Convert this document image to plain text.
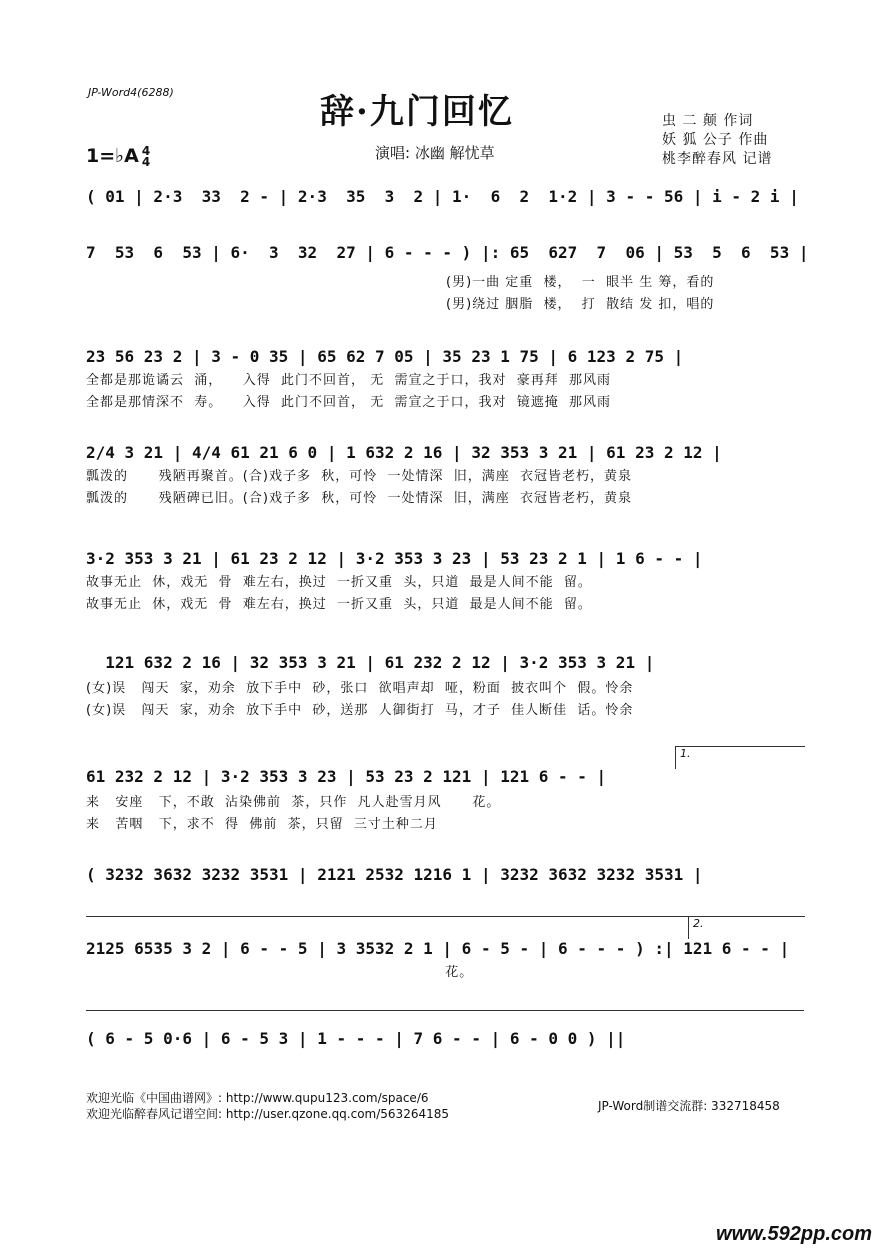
JP-Word4(6288)	辞·九门回忆	虫 二 颠 作词
妖 狐 公子 作曲
桃李醉春风 记谱
1=♭A 4
4	演唱: 冰幽 解忧草
( 01 | 2·3  33  2 - | 2·3  35  3  2 | 1·  6  2  1·2 | 3 - - 56 | i - 2 i |
7  53  6  53 | 6·  3  32  27 | 6 - - - ) |: 65  627  7  06 | 53  5  6  53 |
(男)一曲 定重  楼，  一  眼半 生 筹，看的
(男)绕过 胭脂  楼，  打  散结 发 扣，唱的
23 56 23 2 | 3 - 0 35 | 65 62 7 05 | 35 23 1 75 | 6 123 2 75 |
全都是那诡谲云  涌，    入得  此门不回首， 无  需宣之于口，我对  豪再拜  那风雨
全都是那情深不  寿。    入得  此门不回首， 无  需宣之于口，我对  镜遮掩  那风雨
2/4 3 21 | 4/4 61 21 6 0 | 1 632 2 16 | 32 353 3 21 | 61 23 2 12 |
瓢泼的      残陋再聚首。(合)戏子多  秋，可怜  一处情深  旧，满座  衣冠皆老朽，黄泉
瓢泼的      残陋碑已旧。(合)戏子多  秋，可怜  一处情深  旧，满座  衣冠皆老朽，黄泉
3·2 353 3 21 | 61 23 2 12 | 3·2 353 3 23 | 53 23 2 1 | 1 6 - - |
故事无止  休，戏无  骨  难左右，换过  一折又重  头，只道  最是人间不能  留。
故事无止  休，戏无  骨  难左右，换过  一折又重  头，只道  最是人间不能  留。
121 632 2 16 | 32 353 3 21 | 61 232 2 12 | 3·2 353 3 21 |
(女)误   闯天  家，劝余  放下手中  砂，张口  欲唱声却  哑，粉面  披衣叫个  假。怜余
(女)误   闯天  家，劝余  放下手中  砂，送那  人御街打  马，才子  佳人断佳  话。怜余
1.
61 232 2 12 | 3·2 353 3 23 | 53 23 2 121 | 121 6 - - |
来   安座   下，不敢  沾染佛前  茶，只作  凡人赴雪月风      花。
来   苦咽   下，求不  得  佛前  茶，只留  三寸土种二月
( 3232 3632 3232 3531 | 2121 2532 1216 1 | 3232 3632 3232 3531 |
2.
2125 6535 3 2 | 6 - - 5 | 3 3532 2 1 | 6 - 5 - | 6 - - - ) :| 121 6 - - |
花。
( 6 - 5 0·6 | 6 - 5 3 | 1 - - - | 7 6 - - | 6 - 0 0 ) ||
欢迎光临《中国曲谱网》: http://www.qupu123.com/space/6
欢迎光临醉春风记谱空间: http://user.qzone.qq.com/563264185
JP-Word制谱交流群: 332718458
www.592pp.com
